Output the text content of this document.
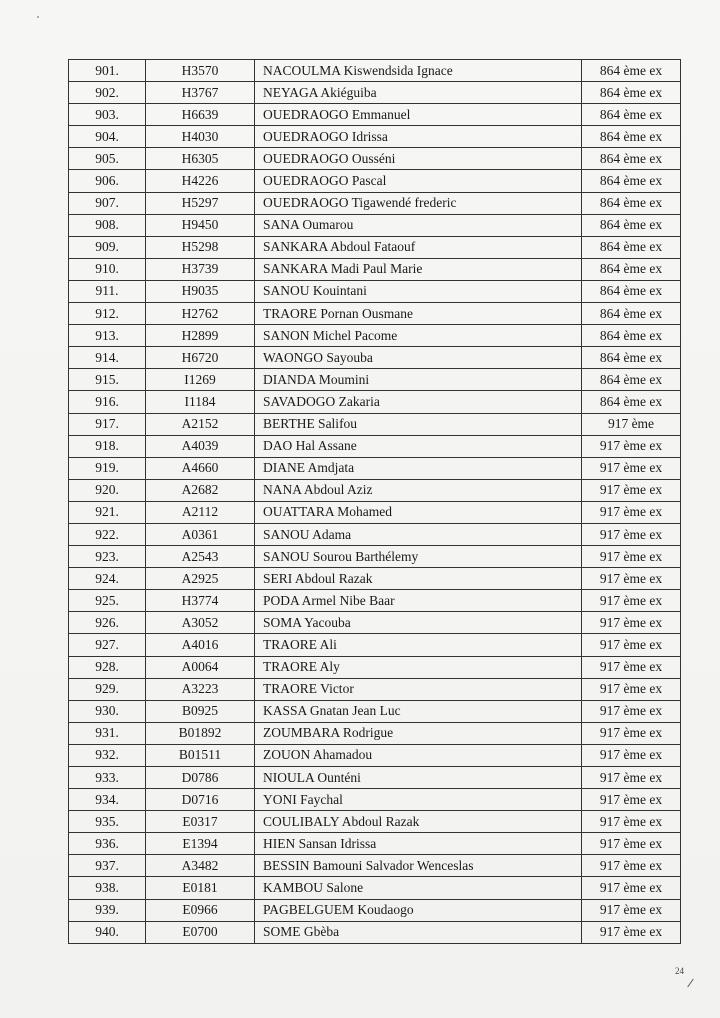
901.	H3570	NACOULMA Kiswendsida Ignace	864 ème ex
902.	H3767	NEYAGA Akiéguiba	864 ème ex
903.	H6639	OUEDRAOGO Emmanuel	864 ème ex
904.	H4030	OUEDRAOGO Idrissa	864 ème ex
905.	H6305	OUEDRAOGO Ousséni	864 ème ex
906.	H4226	OUEDRAOGO Pascal	864 ème ex
907.	H5297	OUEDRAOGO Tigawendé frederic	864 ème ex
908.	H9450	SANA Oumarou	864 ème ex
909.	H5298	SANKARA Abdoul Fataouf	864 ème ex
910.	H3739	SANKARA Madi Paul Marie	864 ème ex
911.	H9035	SANOU Kouintani	864 ème ex
912.	H2762	TRAORE Pornan Ousmane	864 ème ex
913.	H2899	SANON Michel Pacome	864 ème ex
914.	H6720	WAONGO Sayouba	864 ème ex
915.	I1269	DIANDA Moumini	864 ème ex
916.	I1184	SAVADOGO Zakaria	864 ème ex
917.	A2152	BERTHE Salifou	917 ème
918.	A4039	DAO Hal Assane	917 ème ex
919.	A4660	DIANE Amdjata	917 ème ex
920.	A2682	NANA Abdoul Aziz	917 ème ex
921.	A2112	OUATTARA Mohamed	917 ème ex
922.	A0361	SANOU Adama	917 ème ex
923.	A2543	SANOU Sourou Barthélemy	917 ème ex
924.	A2925	SERI Abdoul Razak	917 ème ex
925.	H3774	PODA Armel Nibe Baar	917 ème ex
926.	A3052	SOMA Yacouba	917 ème ex
927.	A4016	TRAORE Ali	917 ème ex
928.	A0064	TRAORE Aly	917 ème ex
929.	A3223	TRAORE Victor	917 ème ex
930.	B0925	KASSA Gnatan Jean Luc	917 ème ex
931.	B01892	ZOUMBARA Rodrigue	917 ème ex
932.	B01511	ZOUON Ahamadou	917 ème ex
933.	D0786	NIOULA Ounténi	917 ème ex
934.	D0716	YONI Faychal	917 ème ex
935.	E0317	COULIBALY Abdoul Razak	917 ème ex
936.	E1394	HIEN Sansan Idrissa	917 ème ex
937.	A3482	BESSIN Bamouni Salvador Wenceslas	917 ème ex
938.	E0181	KAMBOU Salone	917 ème ex
939.	E0966	PAGBELGUEM Koudaogo	917 ème ex
940.	E0700	SOME Gbèba	917 ème ex
24
